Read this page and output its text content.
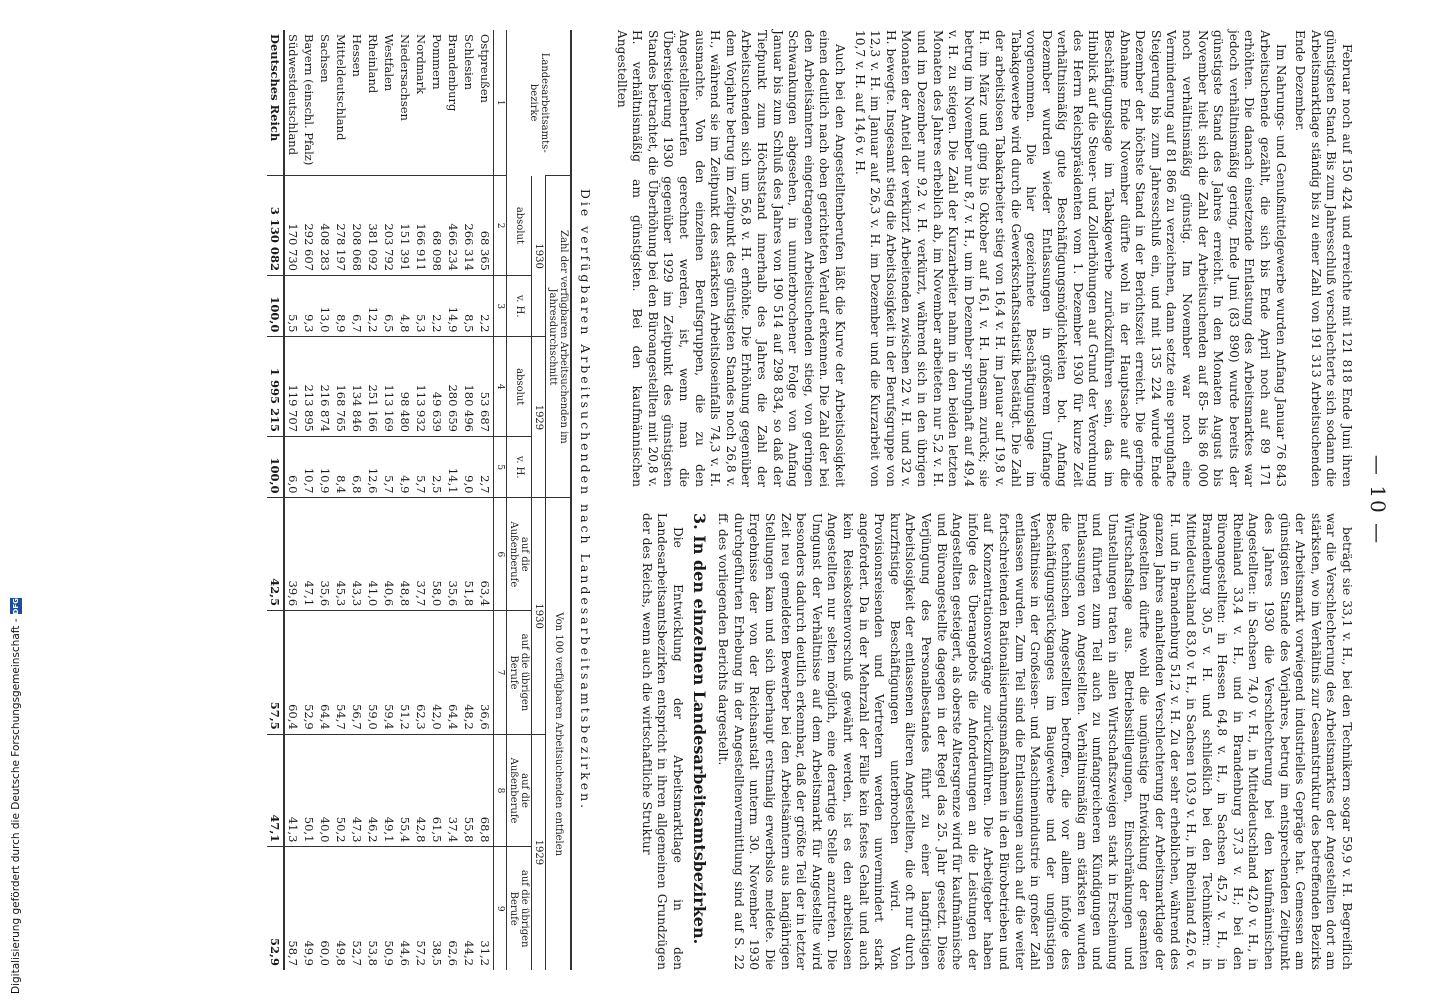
— 10 —

Februar noch auf 150 424 und erreichte mit 121 818 Ende Juni ihren günstigsten Stand. Bis zum Jahresschluß verschlechterte sich sodann die Arbeitsmarktlage ständig bis zu einer Zahl von 191 313 Arbeitsuchenden Ende Dezember.

Im Nahrungs- und Genußmittelgewerbe wurden Anfang Januar 76 843 Arbeitsuchende gezählt, die sich bis Ende April noch auf 89 171 erhöhten. Die danach einsetzende Entlastung des Arbeitsmarktes war jedoch verhältnismäßig gering, Ende Juni (83 890) wurde bereits der günstigste Stand des Jahres erreicht. In den Monaten August bis November hielt sich die Zahl der Arbeitsuchenden auf 85- bis 86 000 noch verhältnismäßig günstig. Im November war noch eine Verminderung auf 81 866 zu verzeichnen, dann setzte eine sprunghafte Steigerung bis zum Jahresschluß ein, und mit 135 224 wurde Ende Dezember der höchste Stand in der Berichtszeit erreicht. Die geringe Abnahme Ende November dürfte wohl in der Hauptsache auf die Beschäftigungslage im Tabakgewerbe zurückzuführen sein, das im Hinblick auf die Steuer- und Zollerhöhungen auf Grund der Verordnung des Herrn Reichspräsidenten vom 1. Dezember 1930 für kurze Zeit verhältnismäßig gute Beschäftigungsmöglichkeiten bot. Anfang Dezember wurden wieder Entlassungen in größerem Umfange vorgenommen. Die hier gezeichnete Beschäftigungslage im Tabakgewerbe wird durch die Gewerkschaftsstatistik bestätigt. Die Zahl der arbeitslosen Tabakarbeiter stieg von 16,4 v. H. im Januar auf 19,8 v. H. im März und ging bis Oktober auf 16,1 v. H. langsam zurück; sie betrug im November nur 8,7 v. H., um im Dezember sprunghaft auf 49,4 v. H. zu steigen. Die Zahl der Kurzarbeiter nahm in den beiden letzten Monaten des Jahres erheblich ab, im November arbeiteten nur 5,2 v. H. und im Dezember nur 9,2 v. H. verkürzt, während sich in den übrigen Monaten der Anteil der verkürzt Arbeitenden zwischen 22 v. H. und 32 v. H. bewegte. Insgesamt stieg die Arbeitslosigkeit in der Berufsgruppe von 12,3 v. H. im Januar auf 26,3 v. H. im Dezember und die Kurzarbeit von 10,7 v. H. auf 14,6 v. H.

Auch bei den Angestelltenberufen läßt die Kurve der Arbeitslosigkeit einen deutlich nach oben gerichteten Verlauf erkennen. Die Zahl der bei den Arbeitsämtern eingetragenen Arbeitsuchenden stieg, von geringen Schwankungen abgesehen, in ununterbrochener Folge von Anfang Januar bis zum Schluß des Jahres von 190 514 auf 298 834, so daß der Tiefpunkt zum Höchststand innerhalb des Jahres die Zahl der Arbeitsuchenden sich um 56,8 v. H. erhöhte. Die Erhöhung gegenüber dem Vorjahre betrug im Zeitpunkt des günstigsten Standes noch 26,8 v. H., während sie im Zeitpunkt des stärksten Arbeitsloseinfalls 74,3 v. H. ausmachte. Von den einzelnen Berufsgruppen, die zu den Angestelltenberufen gerechnet werden, ist, wenn man die Übersteigerung 1930 gegenüber 1929 im Zeitpunkt des günstigsten Standes betrachtet, die Überhöhung bei den Büroangestellten mit 20,8 v. H. verhältnismäßig am günstigsten. Bei den kaufmännischen Angestellten

beträgt sie 33,1 v. H., bei den Technikern sogar 59,9 v. H. Begreiflich war die Verschlechterung des Arbeitsmarktes der Angestellten dort am stärksten, wo im Verhältnis zur Gesamtstruktur des betreffenden Bezirks der Arbeitsmarkt vorwiegend industrielles Gepräge hat. Gemessen am günstigsten Stande des Vorjahres, betrug im entsprechenden Zeitpunkt des Jahres 1930 die Verschlechterung bei den kaufmännischen Angestellten: in Sachsen 74,0 v. H., in Mitteldeutschland 42,0 v. H., in Rheinland 33,4 v. H., und in Brandenburg 37,3 v. H.; bei den Büroangestellten: in Hessen 64,8 v. H., in Sachsen 45,2 v. H., in Brandenburg 30,5 v. H. und schließlich bei den Technikern: in Mitteldeutschland 83,0 v. H., in Sachsen 103,9 v. H., in Rheinland 42,6 v. H. und in Brandenburg 51,2 v. H. Zu der sehr erheblichen, während des ganzen Jahres anhaltenden Verschlechterung der Arbeitsmarktlage der Angestellten dürfte wohl die ungünstige Entwicklung der gesamten Wirtschaftslage aus. Betriebsstillegungen, Einschränkungen und Umstellungen traten in allen Wirtschaftszweigen stark in Erscheinung und führten zum Teil auch zu umfangreicheren Kündigungen und Entlassungen von Angestellten. Verhältnismäßig am stärksten wurden die technischen Angestellten betroffen, die vor allem infolge des Beschäftigungsrückganges im Baugewerbe und der ungünstigen Verhältnisse in der Großeisen- und Maschinenindustrie in großer Zahl entlassen wurden. Zum Teil sind die Entlassungen auch auf die weiter fortschreitenden Rationalisierungsmaßnahmen in den Bürobetrieben und auf Konzentrationsvorgänge zurückzuführen. Die Arbeitgeber haben infolge des Überangebots die Anforderungen an die Leistungen der Angestellten gesteigert, als oberste Altersgrenze wird für kaufmännische und Büroangestellte dagegen in der Regel das 25. Jahr gesetzt. Diese Verjüngung des Personalbestandes führt zu einer langfristigen Arbeitslosigkeit der entlassenen älteren Angestellten, die oft nur durch kurzfristige Beschäftigungen unterbrochen wird. Von Provisionsreisenden und Vertretern werden unvermindert stark angefordert. Da in der Mehrzahl der Fälle kein festes Gehalt und auch kein Reisekostenvorschuß gewährt werden, ist es den arbeitslosen Angestellten nur selten möglich, eine derartige Stelle anzutreten. Die Umgunst der Verhältnisse auf dem Arbeitsmarkt für Angestellte wird besonders dadurch deutlich erkennbar, daß der größte Teil der in letzter Zeit neu gemeldeten Bewerber bei den Arbeitsämtern aus langjährigen Stellungen kam und sich überhaupt erstmalig erwerbslos meldete. Die Ergebnisse der von der Reichsanstalt unterm 30. November 1930 durchgeführten Erhebung in der Angestelltenvermittlung sind auf S. 22 ff. des vorliegenden Berichts dargestellt.

3. In den einzelnen Landesarbeitsamtsbezirken.

Die Entwicklung der Arbeitsmarktlage in den Landesarbeitsamtsbezirken entspricht in ihren allgemeinen Grundzügen der des Reichs, wenn auch die wirtschaftliche Struktur

Die verfügbaren Arbeitsuchenden nach Landesarbeitsamtsbezirken.
Landesarbeitsamts-bezirke	Zahl der verfügbaren Arbeitsuchenden im Jahresdurchschnitt				Von 100 verfügbaren Arbeitsuchenden entfielen			
	1930		1929		1930		1929	
	absolut	v. H.	absolut	v. H.	auf die Außenberufe	auf die übrigen Berufe	auf die Außenberufe	auf die übrigen Berufe
1	2	3	4	5	6	7	8	9
Ostpreußen	68 365	2,2	53 687	2,7	63,4	36,6	68,8	31,2
Schlesien	266 314	8,5	180 496	9,0	51,8	48,2	55,8	44,2
Brandenburg	466 234	14,9	280 659	14,1	35,6	64,4	37,4	62,6
Pommern	68 098	2,2	49 639	2,5	58,0	42,0	61,5	38,5
Nordmark	166 911	5,3	113 932	5,7	37,7	62,3	42,8	57,2
Niedersachsen	151 391	4,8	98 480	4,9	48,8	51,2	55,4	44,6
Westfalen	203 792	6,5	113 169	5,7	40,6	59,4	49,1	50,9
Rheinland	381 092	12,2	251 166	12,6	41,0	59,0	46,2	53,8
Hessen	208 068	6,7	134 846	6,8	43,3	56,7	47,3	52,7
Mitteldeutschland	278 197	8,9	168 765	8,4	45,3	54,7	50,2	49,8
Sachsen	408 283	13,0	216 874	10,9	35,6	64,4	40,0	60,0
Bayern (einschl. Pfalz)	292 607	9,3	213 895	10,7	47,1	52,9	50,1	49,9
Südwestdeutschland	170 730	5,5	119 707	6,0	39,6	60,4	41,3	58,7
Deutsches Reich	3 130 082	100,0	1 995 215	100,0	42,5	57,5	47,1	52,9
Digitalisierung gefördert durch die Deutsche Forschungsgemeinschaft -
DFG
